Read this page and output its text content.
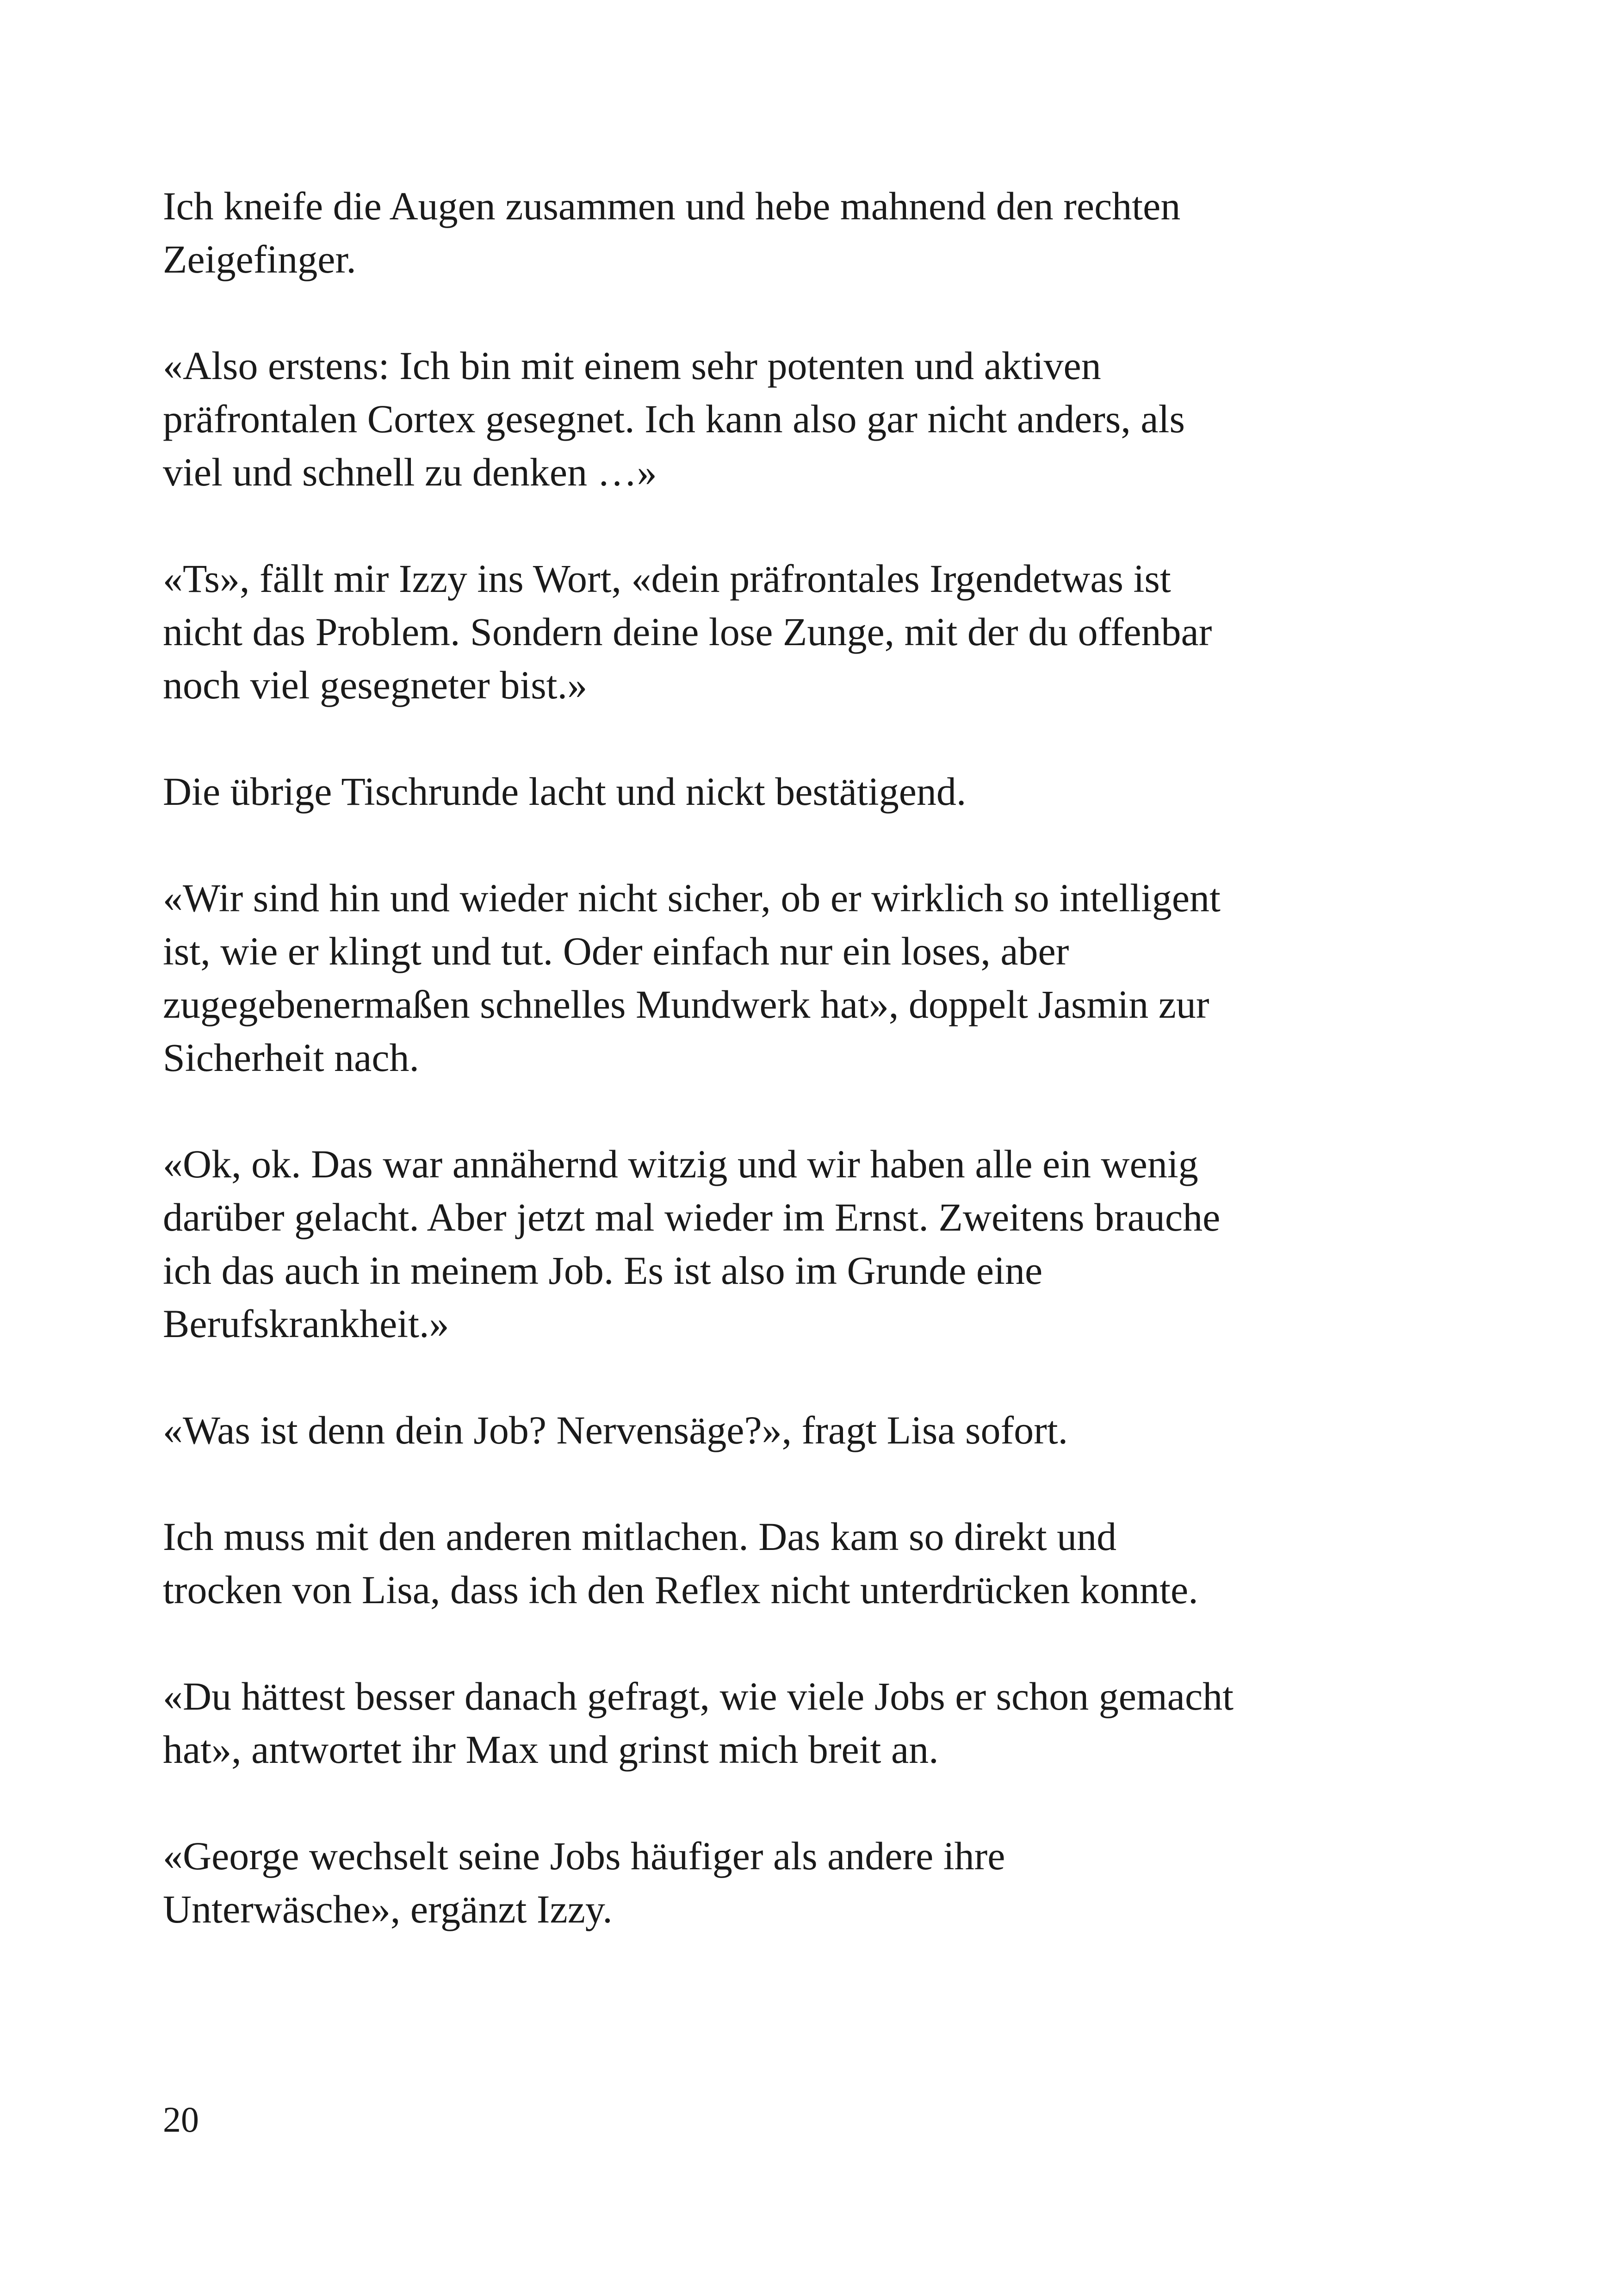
Ich kneife die Augen zusammen und hebe mahnend den rechten
Zeigefinger.

«Also erstens: Ich bin mit einem sehr potenten und aktiven
präfrontalen Cortex gesegnet. Ich kann also gar nicht anders, als
viel und schnell zu denken …»

«Ts», fällt mir Izzy ins Wort, «dein präfrontales Irgendetwas ist
nicht das Problem. Sondern deine lose Zunge, mit der du offenbar
noch viel gesegneter bist.»

Die übrige Tischrunde lacht und nickt bestätigend.

«Wir sind hin und wieder nicht sicher, ob er wirklich so intelligent
ist, wie er klingt und tut. Oder einfach nur ein loses, aber
zugegebenermaßen schnelles Mundwerk hat», doppelt Jasmin zur
Sicherheit nach.

«Ok, ok. Das war annähernd witzig und wir haben alle ein wenig
darüber gelacht. Aber jetzt mal wieder im Ernst. Zweitens brauche
ich das auch in meinem Job. Es ist also im Grunde eine
Berufskrankheit.»

«Was ist denn dein Job? Nervensäge?», fragt Lisa sofort.

Ich muss mit den anderen mitlachen. Das kam so direkt und
trocken von Lisa, dass ich den Reflex nicht unterdrücken konnte.

«Du hättest besser danach gefragt, wie viele Jobs er schon gemacht
hat», antwortet ihr Max und grinst mich breit an.

«George wechselt seine Jobs häufiger als andere ihre
Unterwäsche», ergänzt Izzy.

20
